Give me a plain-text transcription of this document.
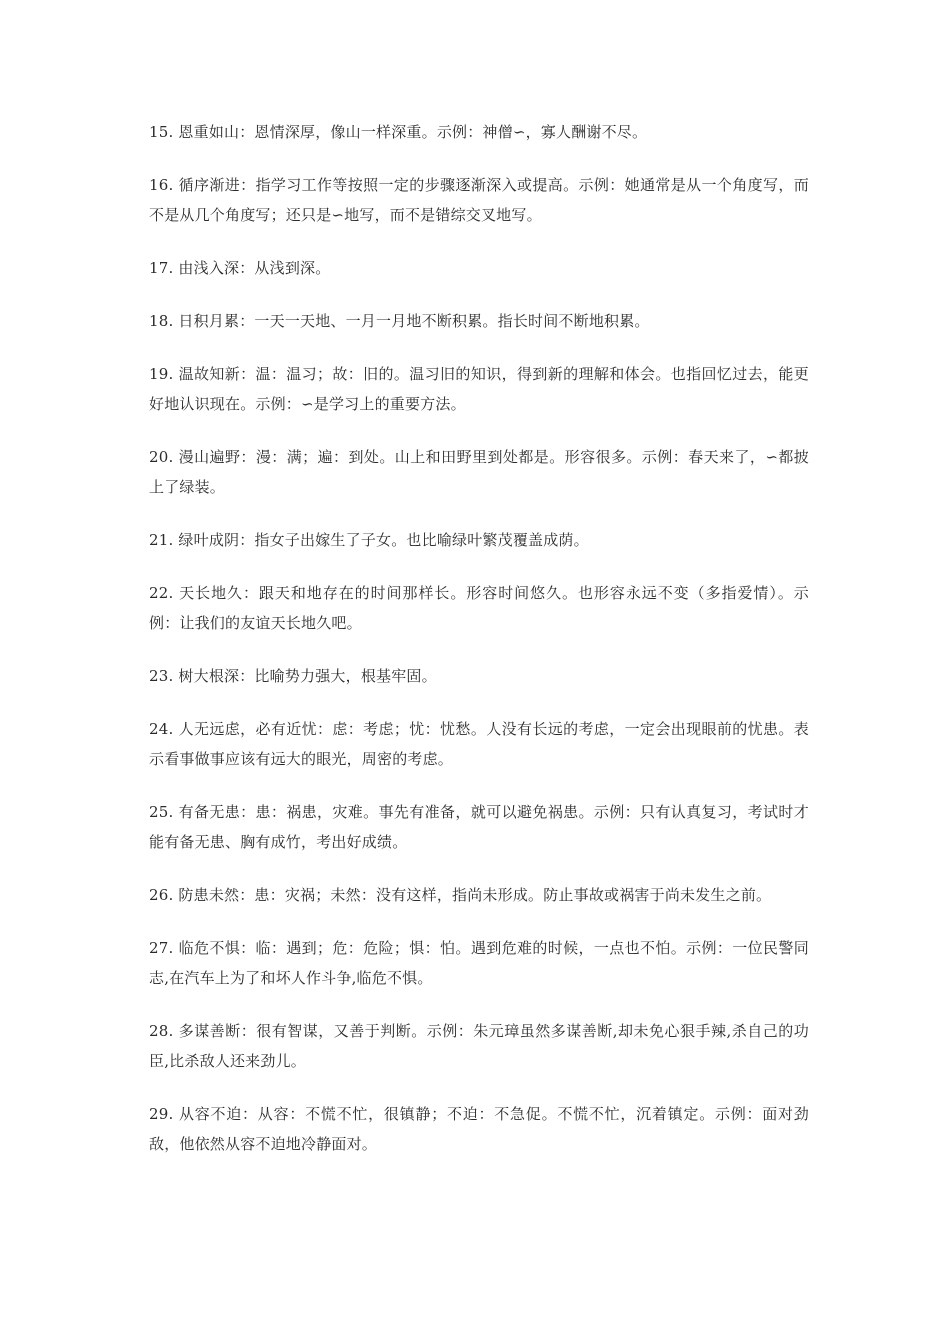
15. 恩重如山：恩情深厚，像山一样深重。示例：神僧∽，寡人酬谢不尽。

16. 循序渐进：指学习工作等按照一定的步骤逐渐深入或提高。示例：她通常是从一个角度写，而不是从几个角度写；还只是∽地写，而不是错综交叉地写。

17. 由浅入深：从浅到深。

18. 日积月累：一天一天地、一月一月地不断积累。指长时间不断地积累。

19. 温故知新：温：温习；故：旧的。温习旧的知识，得到新的理解和体会。也指回忆过去，能更好地认识现在。示例：∽是学习上的重要方法。

20. 漫山遍野：漫：满；遍：到处。山上和田野里到处都是。形容很多。示例：春天来了，∽都披上了绿装。

21. 绿叶成阴：指女子出嫁生了子女。也比喻绿叶繁茂覆盖成荫。

22. 天长地久：跟天和地存在的时间那样长。形容时间悠久。也形容永远不变（多指爱情）。示例：让我们的友谊天长地久吧。

23. 树大根深：比喻势力强大，根基牢固。

24. 人无远虑，必有近忧：虑：考虑；忧：忧愁。人没有长远的考虑，一定会出现眼前的忧患。表示看事做事应该有远大的眼光，周密的考虑。

25. 有备无患：患：祸患，灾难。事先有准备，就可以避免祸患。示例：只有认真复习，考试时才能有备无患、胸有成竹，考出好成绩。

26. 防患未然：患：灾祸；未然：没有这样，指尚未形成。防止事故或祸害于尚未发生之前。

27. 临危不惧：临：遇到；危：危险；惧：怕。遇到危难的时候，一点也不怕。示例：一位民警同志,在汽车上为了和坏人作斗争,临危不惧。

28. 多谋善断：很有智谋，又善于判断。示例：朱元璋虽然多谋善断,却未免心狠手辣,杀自己的功臣,比杀敌人还来劲儿。

29. 从容不迫：从容：不慌不忙，很镇静；不迫：不急促。不慌不忙，沉着镇定。示例：面对劲敌，他依然从容不迫地冷静面对。
